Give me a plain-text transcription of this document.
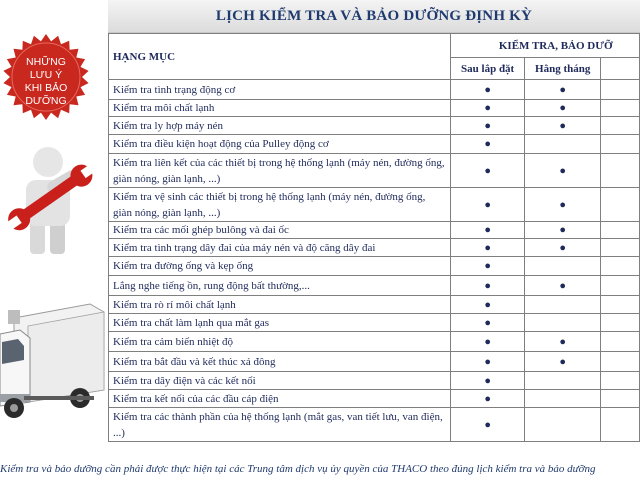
LỊCH KIỂM TRA VÀ BẢO DƯỠNG ĐỊNH KỲ
NHỮNG
LƯU Ý
KHI BẢO
DƯỠNG
HẠNG MỤC	KIỂM TRA, BẢO DƯỠ		
	Sau lắp đặt	Hằng tháng	
Kiểm tra tình trạng động cơ	●	●	
Kiểm tra môi chất lạnh	●	●	
Kiểm tra ly hợp máy nén	●	●	
Kiểm tra điều kiện hoạt động của Pulley động cơ	●		
Kiểm tra liên kết của các thiết bị trong hệ thống lạnh (máy nén, đường ống, giàn nóng, giàn lạnh, ...)	●	●	
Kiểm tra vệ sinh các thiết bị trong hệ thống lạnh (máy nén, đường ống, giàn nóng, giàn lạnh, ...)	●	●	
Kiểm tra các mối ghép bulông và đai ốc	●	●	
Kiểm tra tình trạng dây đai của máy nén và độ căng dây đai	●	●	
Kiểm tra đường ống và kẹp ống	●		
Lắng nghe tiếng ồn, rung động bất thường,...	●	●	
Kiểm tra rò rỉ môi chất lạnh	●		
Kiểm tra chất làm lạnh qua mắt gas	●		
Kiểm tra cảm biến nhiệt độ	●	●	
Kiểm tra bắt đầu và kết thúc xả đông	●	●	
Kiểm tra dây điện và các kết nối	●		
Kiểm tra kết nối của các đầu cáp điện	●		
Kiểm tra các thành phần của hệ thống lạnh (mắt gas, van tiết lưu, van điện, ...)	●		
Kiểm tra và bảo dưỡng cần phải được thực hiện tại các Trung tâm dịch vụ ủy quyền của THACO theo đúng lịch kiểm tra và bảo dưỡng
